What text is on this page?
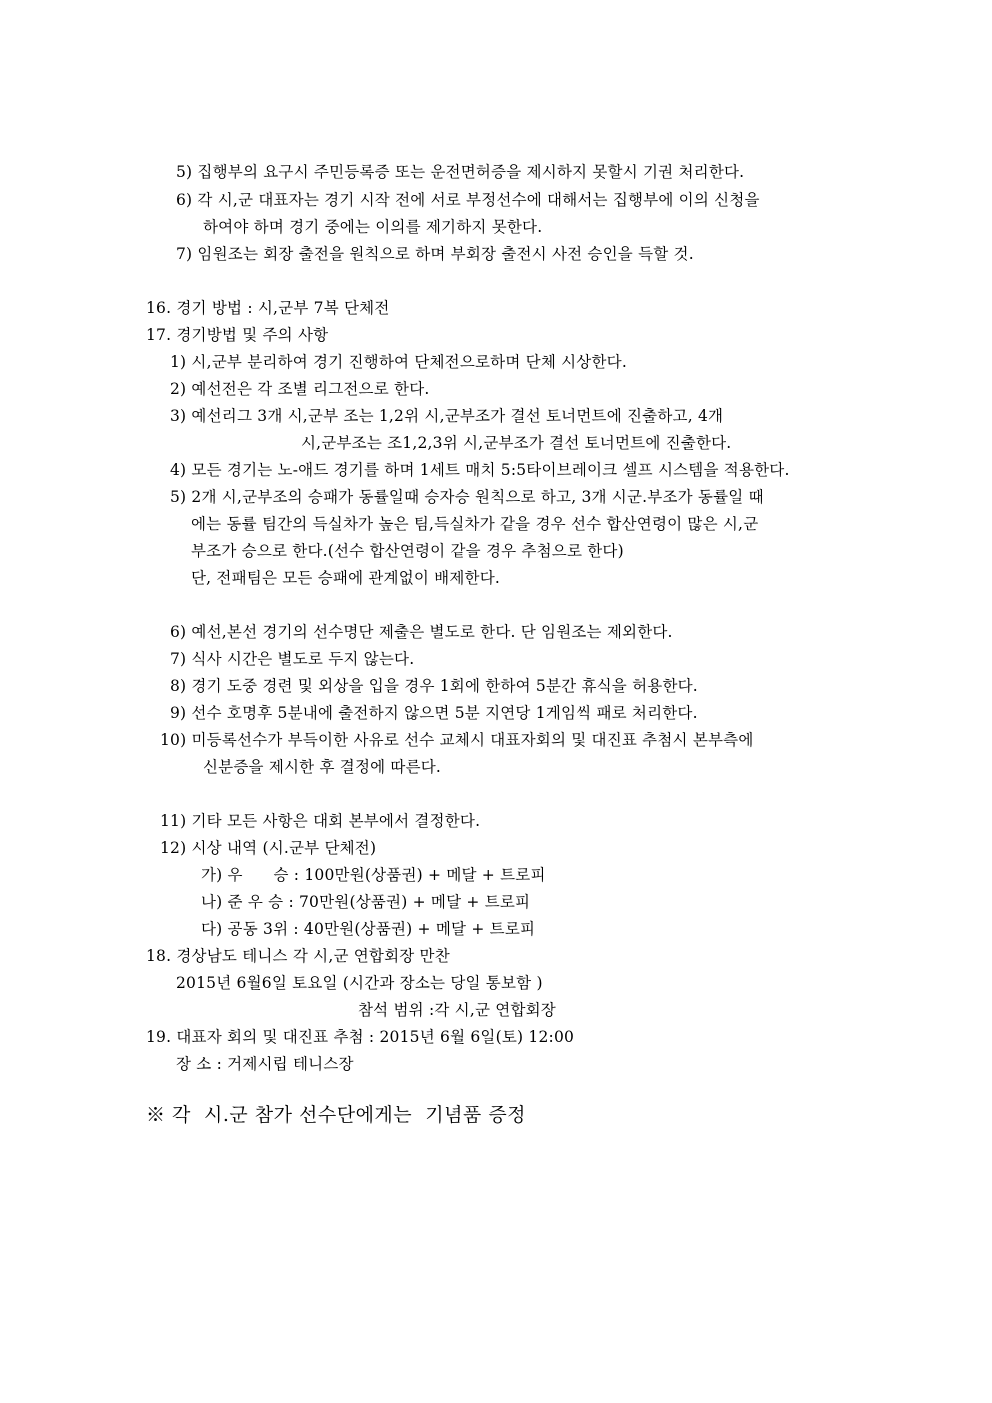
5) 집행부의 요구시 주민등록증 또는 운전면허증을 제시하지 못할시 기권 처리한다.
6) 각 시,군 대표자는 경기 시작 전에 서로 부정선수에 대해서는 집행부에 이의 신청을
하여야 하며 경기 중에는 이의를 제기하지 못한다.
7) 임원조는 회장 출전을 원칙으로 하며 부회장 출전시 사전 승인을 득할 것.
16. 경기 방법 : 시,군부 7복 단체전
17. 경기방법 및 주의 사항
1) 시,군부 분리하여 경기 진행하여 단체전으로하며 단체 시상한다.
2) 예선전은 각 조별 리그전으로 한다.
3) 예선리그 3개 시,군부 조는 1,2위 시,군부조가 결선 토너먼트에 진출하고, 4개
시,군부조는 조1,2,3위 시,군부조가 결선 토너먼트에 진출한다.
4) 모든 경기는 노-애드 경기를 하며 1세트 매치 5:5타이브레이크 셀프 시스템을 적용한다.
5) 2개 시,군부조의 승패가 동률일때 승자승 원칙으로 하고, 3개 시군.부조가 동률일 때
에는 동률 팀간의 득실차가 높은 팀,득실차가 같을 경우 선수 합산연령이 많은 시,군
부조가 승으로 한다.(선수 합산연령이 같을 경우 추첨으로 한다)
단, 전패팀은 모든 승패에 관계없이 배제한다.
6) 예선,본선 경기의 선수명단 제출은 별도로 한다. 단 임원조는 제외한다.
7) 식사 시간은 별도로 두지 않는다.
8) 경기 도중 경련 및 외상을 입을 경우 1회에 한하여 5분간 휴식을 허용한다.
9) 선수 호명후 5분내에 출전하지 않으면 5분 지연당 1게임씩 패로 처리한다.
10) 미등록선수가 부득이한 사유로 선수 교체시 대표자회의 및 대진표 추첨시 본부측에
신분증을 제시한 후 결정에 따른다.
11) 기타 모든 사항은 대회 본부에서 결정한다.
12) 시상 내역 (시.군부 단체전)
가) 우      승 : 100만원(상품권) + 메달 + 트로피
나) 준 우 승 : 70만원(상품권) + 메달 + 트로피
다) 공동 3위 : 40만원(상품권) + 메달 + 트로피
18. 경상남도 테니스 각 시,군 연합회장 만찬
2015년 6월6일 토요일 (시간과 장소는 당일 통보함 )
참석 범위 :각 시,군 연합회장
19. 대표자 회의 및 대진표 추첨 : 2015년 6월 6일(토) 12:00
장 소 : 거제시립 테니스장
※ 각  시.군 참가 선수단에게는  기념품 증정
